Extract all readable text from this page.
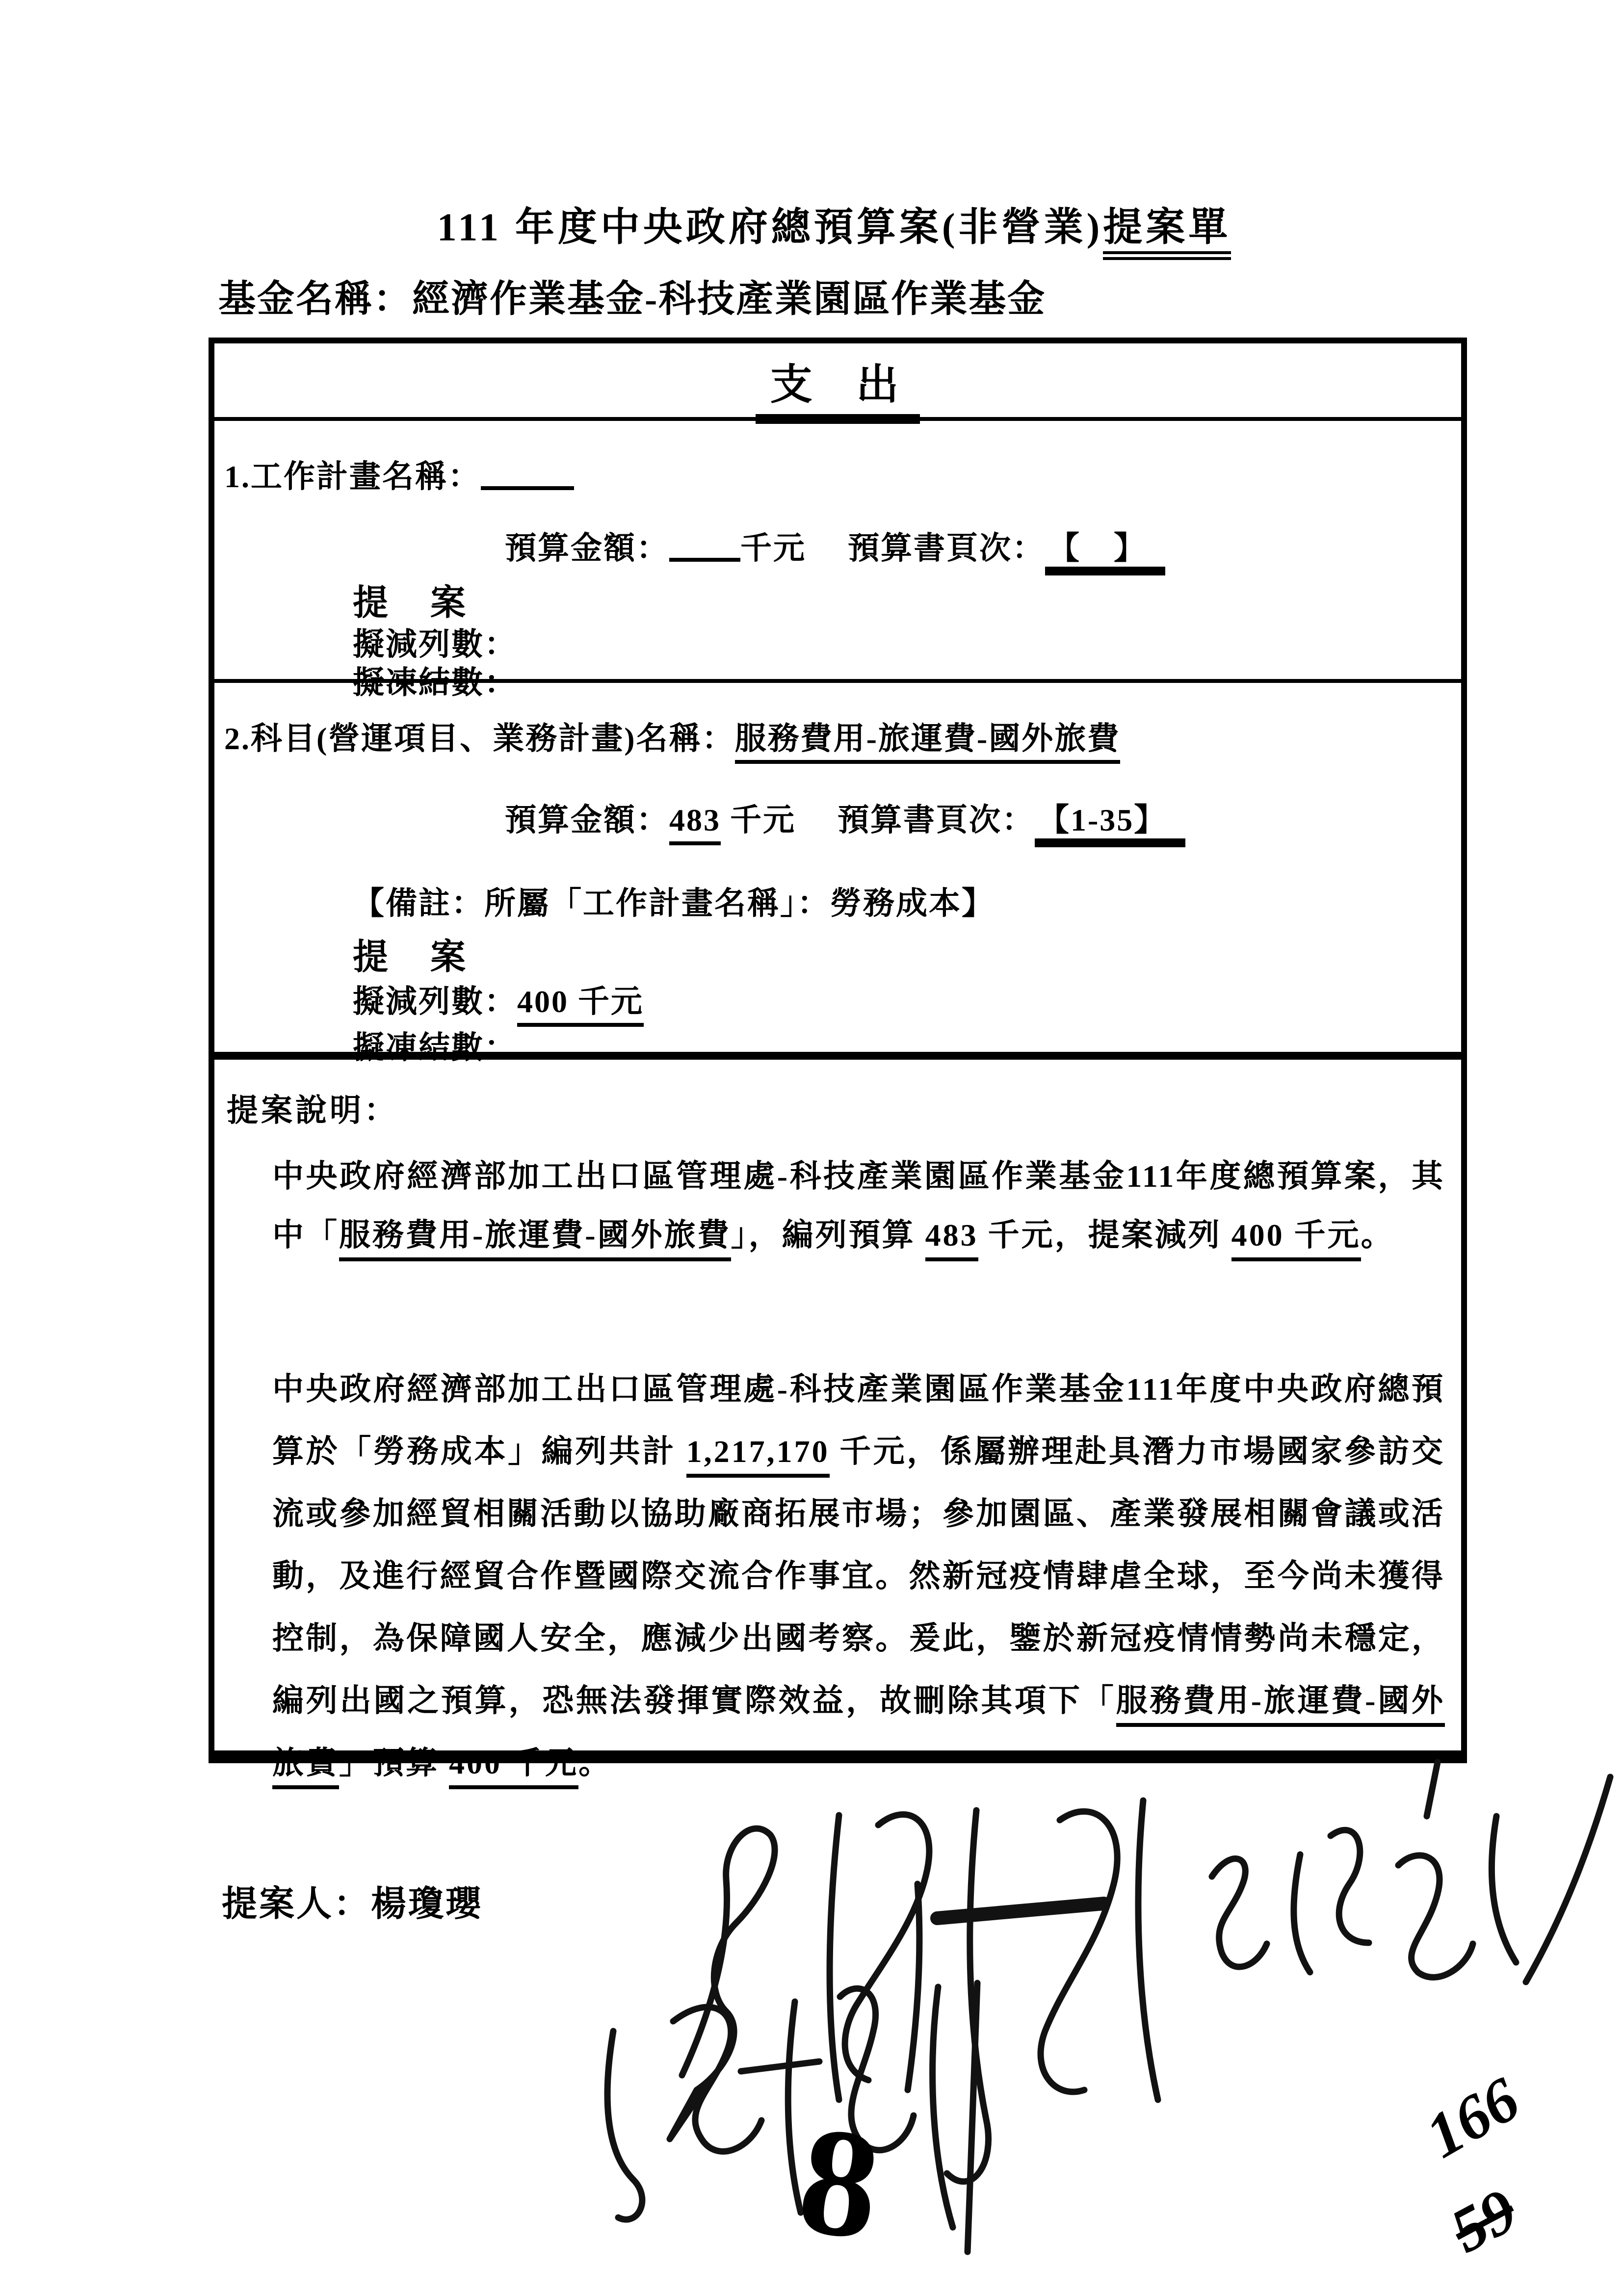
111 年度中央政府總預算案(非營業)提案單
基金名稱：經濟作業基金-科技產業園區作業基金
支 出
1.工作計畫名稱：
預算金額： 千元 預算書頁次： 【　】
提 案
擬減列數：
擬凍結數：
2.科目(營運項目、業務計畫)名稱：服務費用-旅運費-國外旅費
預算金額：483 千元 預算書頁次： 【1-35】
【備註：所屬「工作計畫名稱」：勞務成本】
提 案
擬減列數：400 千元
擬凍結數：
提案說明：

中央政府經濟部加工出口區管理處-科技產業園區作業基金111年度總預算案，其中「服務費用-旅運費-國外旅費」，編列預算 483 千元，提案減列 400 千元。

中央政府經濟部加工出口區管理處-科技產業園區作業基金111年度中央政府總預算於「勞務成本」編列共計 1,217,170 千元，係屬辦理赴具潛力市場國家參訪交流或參加經貿相關活動以協助廠商拓展市場；參加園區、產業發展相關會議或活動，及進行經貿合作暨國際交流合作事宜。然新冠疫情肆虐全球，至今尚未獲得控制，為保障國人安全，應減少出國考察。爰此，鑒於新冠疫情情勢尚未穩定，編列出國之預算，恐無法發揮實際效益，故刪除其項下「服務費用-旅運費-國外旅費」預算 400 千元。

提案人：楊瓊瓔
8	166
59
